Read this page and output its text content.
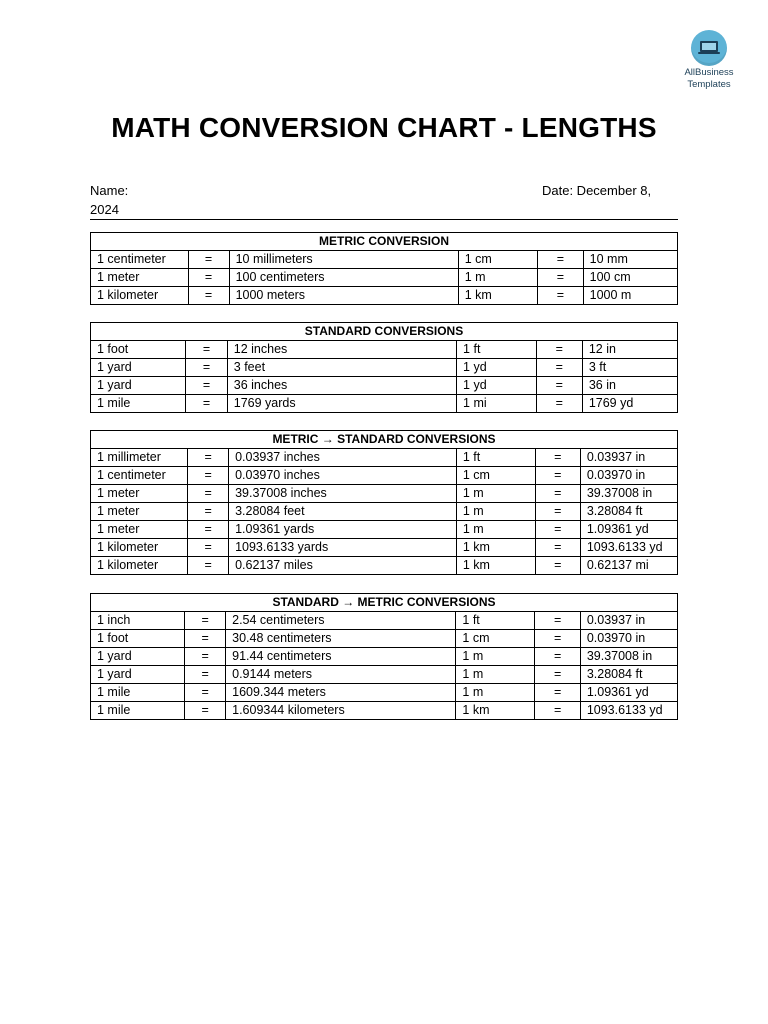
AllBusiness
Templates
MATH CONVERSION CHART - LENGTHS
Name:	Date: December 8,
2024
METRIC CONVERSION					
1 centimeter	=	10 millimeters	1 cm	=	10 mm
1 meter	=	100 centimeters	1 m	=	100 cm
1 kilometer	=	1000 meters	1 km	=	1000 m
STANDARD CONVERSIONS					
1 foot	=	12 inches	1 ft	=	12 in
1 yard	=	3 feet	1 yd	=	3 ft
1 yard	=	36 inches	1 yd	=	36 in
1 mile	=	1769 yards	1 mi	=	1769 yd
METRIC → STANDARD CONVERSIONS					
1 millimeter	=	0.03937 inches	1 ft	=	0.03937 in
1 centimeter	=	0.03970 inches	1 cm	=	0.03970 in
1 meter	=	39.37008 inches	1 m	=	39.37008 in
1 meter	=	3.28084 feet	1 m	=	3.28084 ft
1 meter	=	1.09361 yards	1 m	=	1.09361 yd
1 kilometer	=	1093.6133 yards	1 km	=	1093.6133 yd
1 kilometer	=	0.62137 miles	1 km	=	0.62137 mi
STANDARD → METRIC CONVERSIONS					
1 inch	=	2.54 centimeters	1 ft	=	0.03937 in
1 foot	=	30.48 centimeters	1 cm	=	0.03970 in
1 yard	=	91.44 centimeters	1 m	=	39.37008 in
1 yard	=	0.9144 meters	1 m	=	3.28084 ft
1 mile	=	1609.344 meters	1 m	=	1.09361 yd
1 mile	=	1.609344 kilometers	1 km	=	1093.6133 yd
